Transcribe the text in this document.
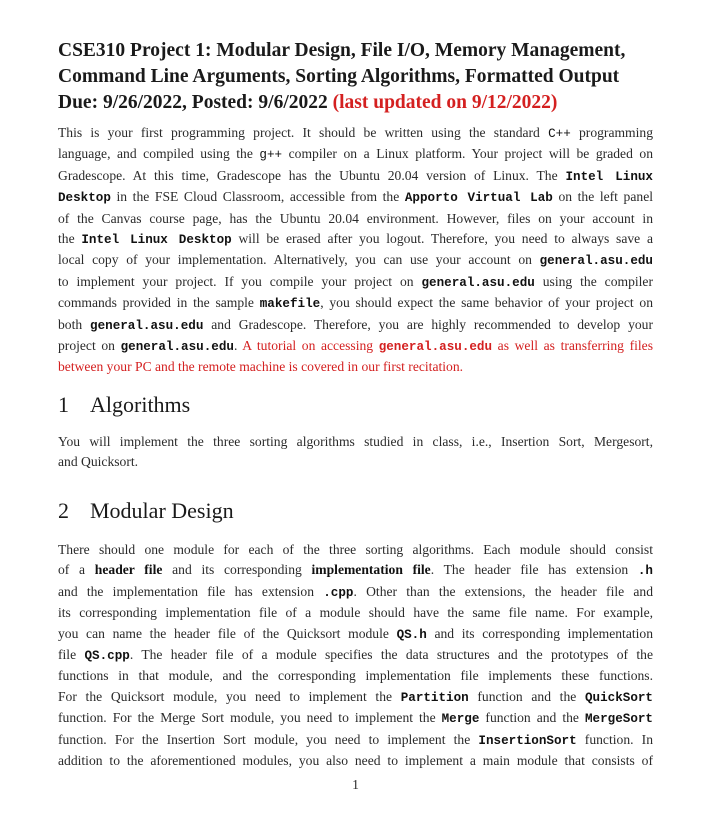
CSE310 Project 1: Modular Design, File I/O, Memory Management,
Command Line Arguments, Sorting Algorithms, Formatted Output
Due: 9/26/2022, Posted: 9/6/2022 (last updated on 9/12/2022)
This is your first programming project. It should be written using the standard C++ programming
language, and compiled using the g++ compiler on a Linux platform. Your project will be graded on
Gradescope. At this time, Gradescope has the Ubuntu 20.04 version of Linux. The Intel Linux
Desktop in the FSE Cloud Classroom, accessible from the Apporto Virtual Lab on the left panel
of the Canvas course page, has the Ubuntu 20.04 environment. However, files on your account in
the Intel Linux Desktop will be erased after you logout. Therefore, you need to always save a
local copy of your implementation. Alternatively, you can use your account on general.asu.edu
to implement your project. If you compile your project on general.asu.edu using the compiler
commands provided in the sample makefile, you should expect the same behavior of your project on
both general.asu.edu and Gradescope. Therefore, you are highly recommended to develop your
project on general.asu.edu. A tutorial on accessing general.asu.edu as well as transferring files
between your PC and the remote machine is covered in our first recitation.
1 Algorithms
You will implement the three sorting algorithms studied in class, i.e., Insertion Sort, Mergesort,
and Quicksort.
2 Modular Design
There should one module for each of the three sorting algorithms. Each module should consist
of a header file and its corresponding implementation file. The header file has extension .h
and the implementation file has extension .cpp. Other than the extensions, the header file and
its corresponding implementation file of a module should have the same file name. For example,
you can name the header file of the Quicksort module QS.h and its corresponding implementation
file QS.cpp. The header file of a module specifies the data structures and the prototypes of the
functions in that module, and the corresponding implementation file implements these functions.
For the Quicksort module, you need to implement the Partition function and the QuickSort
function. For the Merge Sort module, you need to implement the Merge function and the MergeSort
function. For the Insertion Sort module, you need to implement the InsertionSort function. In
addition to the aforementioned modules, you also need to implement a main module that consists of
1
